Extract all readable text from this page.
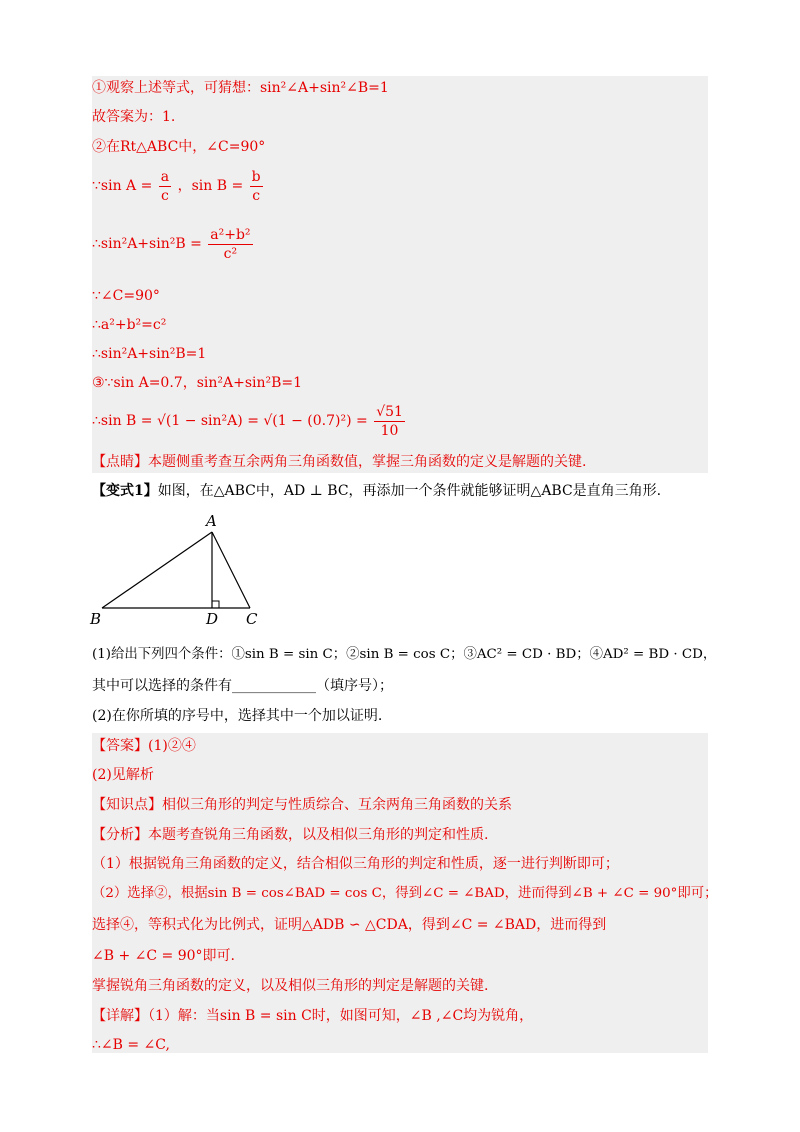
①观察上述等式，可猜想：sin²∠A+sin²∠B=1
故答案为：1.
②在Rt△ABC中，∠C=90°
∵sin $A = \frac{a}{c}$ ，$\sin B = \frac{b}{c}$
∴sin²A+sin²B = $\frac{\text{a²+b²}}{\text{c²}}$
∵∠C=90°
∴a²+b²=c²
∴sin²A+sin²B=1
③∵sin A=0.7，sin²A+sin²B=1
∴sin $B = √(1 - \sin^2A) = √(1 - (0.7)^2) = \frac{√51}{10}$
【点睛】本题侧重考查互余两角三角函数值，掌握三角函数的定义是解题的关键.
【变式1】如图，在△ABC中，AD ⊥ BC，再添加一个条件就能够证明△ABC是直角三角形.
A
B	D C
(1)给出下列四个条件：①sin B = sin C；②sin B = cos C；③AC² = CD · BD；④AD² = BD · CD，
其中可以选择的条件有____________（填序号）；
(2)在你所填的序号中，选择其中一个加以证明.
【答案】(1)②④
(2)见解析
【知识点】相似三角形的判定与性质综合、互余两角三角函数的关系
【分析】本题考查锐角三角函数，以及相似三角形的判定和性质.
（1）根据锐角三角函数的定义，结合相似三角形的判定和性质，逐一进行判断即可；
（2）选择②，根据sin B = cos∠BAD = cos C，得到∠C = ∠BAD，进而得到∠B + ∠C = 90°即可；
选择④，等积式化为比例式，证明△ADB ∽ △CDA，得到∠C = ∠BAD，进而得到
∠B + ∠C = 90°即可.
掌握锐角三角函数的定义，以及相似三角形的判定是解题的关键.
【详解】（1）解：当sin B = sin C时，如图可知，∠B ,∠C均为锐角，
∴∠B = ∠C,
